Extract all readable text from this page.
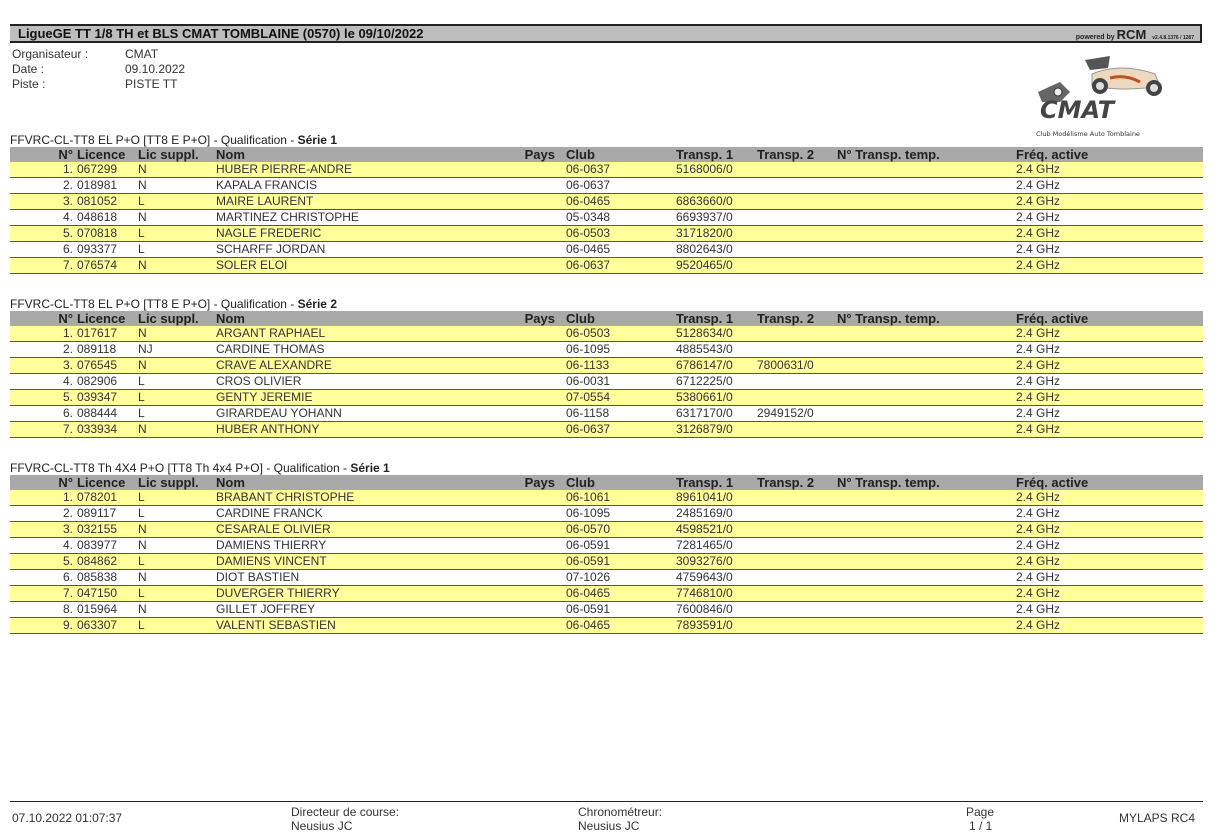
LigueGE TT 1/8 TH et BLS CMAT TOMBLAINE (0570) le 09/10/2022	powered by RCM v2.4.8.1376 / 1287
Organisateur :	CMAT
Date :	09.10.2022
Piste :	PISTE TT
CMAT
Club Modélisme Auto Tomblaine
FFVRC-CL-TT8 EL P+O [TT8 E P+O] - Qualification - Série 1
N° Licence Lic suppl. Nom	Pays Club	Transp. 1 Transp. 2 N° Transp. temp.	Fréq. active
1. 067299 N	HUBER PIERRE-ANDRE	06-0637	5168006/0	2.4 GHz
2. 018981 N	KAPALA FRANCIS	06-0637	2.4 GHz
3. 081052 L	MAIRE LAURENT	06-0465	6863660/0	2.4 GHz
4. 048618 N	MARTINEZ CHRISTOPHE	05-0348	6693937/0	2.4 GHz
5. 070818 L	NAGLE FREDERIC	06-0503	3171820/0	2.4 GHz
6. 093377 L	SCHARFF JORDAN	06-0465	8802643/0	2.4 GHz
7. 076574 N	SOLER ELOI	06-0637	9520465/0	2.4 GHz
FFVRC-CL-TT8 EL P+O [TT8 E P+O] - Qualification - Série 2
N° Licence Lic suppl. Nom	Pays Club	Transp. 1 Transp. 2 N° Transp. temp.	Fréq. active
1. 017617 N	ARGANT RAPHAEL	06-0503	5128634/0	2.4 GHz
2. 089118 NJ	CARDINE THOMAS	06-1095	4885543/0	2.4 GHz
3. 076545 N	CRAVE ALEXANDRE	06-1133	6786147/0 7800631/0	2.4 GHz
4. 082906 L	CROS OLIVIER	06-0031	6712225/0	2.4 GHz
5. 039347 L	GENTY JEREMIE	07-0554	5380661/0	2.4 GHz
6. 088444 L	GIRARDEAU YOHANN	06-1158	6317170/0 2949152/0	2.4 GHz
7. 033934 N	HUBER ANTHONY	06-0637	3126879/0	2.4 GHz
FFVRC-CL-TT8 Th 4X4 P+O [TT8 Th 4x4 P+O] - Qualification - Série 1
N° Licence Lic suppl. Nom	Pays Club	Transp. 1 Transp. 2 N° Transp. temp.	Fréq. active
1. 078201 L	BRABANT CHRISTOPHE	06-1061	8961041/0	2.4 GHz
2. 089117 L	CARDINE FRANCK	06-1095	2485169/0	2.4 GHz
3. 032155 N	CESARALE OLIVIER	06-0570	4598521/0	2.4 GHz
4. 083977 N	DAMIENS THIERRY	06-0591	7281465/0	2.4 GHz
5. 084862 L	DAMIENS VINCENT	06-0591	3093276/0	2.4 GHz
6. 085838 N	DIOT BASTIEN	07-1026	4759643/0	2.4 GHz
7. 047150 L	DUVERGER THIERRY	06-0465	7746810/0	2.4 GHz
8. 015964 N	GILLET JOFFREY	06-0591	7600846/0	2.4 GHz
9. 063307 L	VALENTI SEBASTIEN	06-0465	7893591/0	2.4 GHz
07.10.2022 01:07:37	Directeur de course:
Neusius JC
Chronométreur:
Neusius JC
Page
1 / 1
MYLAPS RC4
